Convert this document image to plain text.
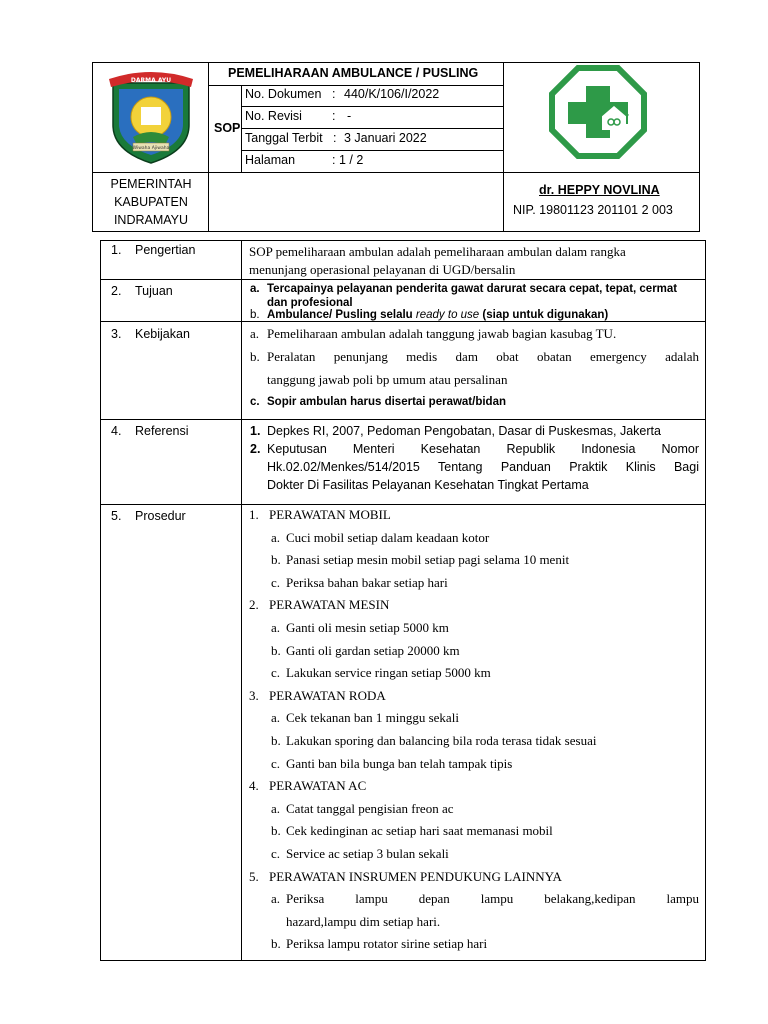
DARMA AYU
Wiwaha Ajiwaha
PEMELIHARAAN AMBULANCE / PUSLING
SOP
No. Dokumen : 440/K/106/I/2022
No. Revisi : -
Tanggal Terbit : 3 Januari 2022
Halaman	: 1 / 2
PEMERINTAH
KABUPATEN
INDRAMAYU
dr. HEPPY NOVLINA
NIP. 19801123 201101 2 003
1. Pengertian	SOP pemeliharaan ambulan adalah pemeliharaan ambulan dalam rangka
menunjang operasional pelayanan di UGD/bersalin
2. Tujuan	a. Tercapainya pelayanan penderita gawat darurat secara cepat, tepat, cermat
dan profesional
b. Ambulance/ Pusling selalu ready to use (siap untuk digunakan)
3. Kebijakan	a. Pemeliharaan ambulan adalah tanggung jawab bagian kasubag TU.
b. Peralatan penunjang medis dam obat obatan emergency adalah
tanggung jawab poli bp umum atau persalinan
c. Sopir ambulan harus disertai perawat/bidan
4. Referensi	1. Depkes RI, 2007, Pedoman Pengobatan, Dasar di Puskesmas, Jakerta
2. Keputusan Menteri Kesehatan Republik Indonesia Nomor
Hk.02.02/Menkes/514/2015 Tentang Panduan Praktik Klinis Bagi
Dokter Di Fasilitas Pelayanan Kesehatan Tingkat Pertama
5. Prosedur	1. PERAWATAN MOBIL
a. Cuci mobil setiap dalam keadaan kotor
b. Panasi setiap mesin mobil setiap pagi selama 10 menit
c. Periksa bahan bakar setiap hari
2. PERAWATAN MESIN
a. Ganti oli mesin setiap 5000 km
b. Ganti oli gardan setiap 20000 km
c. Lakukan service ringan setiap 5000 km
3. PERAWATAN RODA
a. Cek tekanan ban 1 minggu sekali
b. Lakukan sporing dan balancing bila roda terasa tidak sesuai
c. Ganti ban bila bunga ban telah tampak tipis
4. PERAWATAN AC
a. Catat tanggal pengisian freon ac
b. Cek kedinginan ac setiap hari saat memanasi mobil
c. Service ac setiap 3 bulan sekali
5. PERAWATAN INSRUMEN PENDUKUNG LAINNYA
a. Periksa lampu depan lampu belakang,kedipan lampu
hazard,lampu dim setiap hari.
b. Periksa lampu rotator sirine setiap hari
